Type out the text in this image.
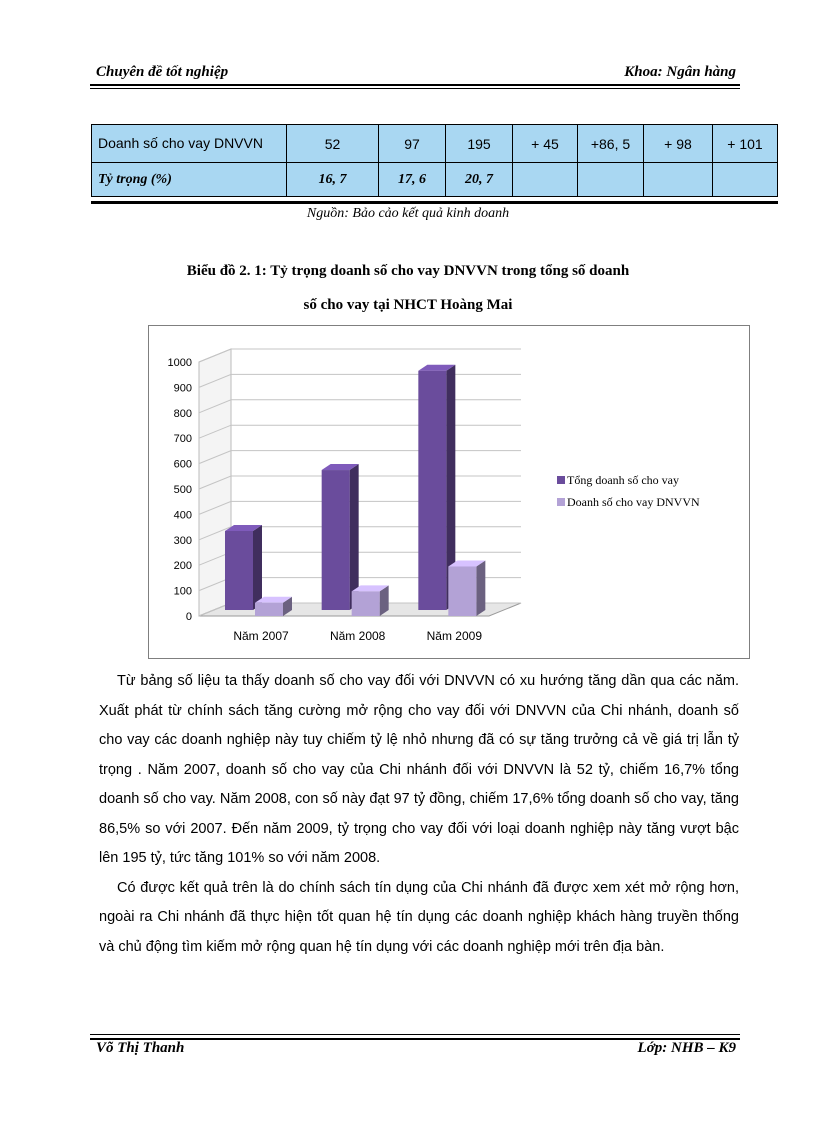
Chuyên đề tốt nghiệp	Khoa: Ngân hàng
Doanh số cho vay DNVVN	52	97	195	+ 45	+86, 5	+ 98	+ 101
Tỷ trọng (%)	16, 7	17, 6	20, 7				
Nguồn: Bảo cảo kết quả kinh doanh
Biểu đồ 2. 1: Tỷ trọng doanh số cho vay DNVVN trong tổng số doanh
số cho vay tại NHCT Hoàng Mai
0
100
200
300
400
500
600
700
800
900
1000
Năm 2007	Năm 2008	Năm 2009
Tổng doanh số cho vay
Doanh số cho vay DNVVN

Từ bảng số liệu ta thấy doanh số cho vay đối với DNVVN có xu hướng tăng dần qua các năm. Xuất phát từ chính sách tăng cường mở rộng cho vay đối với DNVVN của Chi nhánh, doanh số cho vay các doanh nghiệp này tuy chiếm tỷ lệ nhỏ nhưng đã có sự tăng trưởng cả về giá trị lẫn tỷ trọng . Năm 2007, doanh số cho vay của Chi nhánh đối với DNVVN là 52 tỷ, chiếm 16,7% tổng doanh số cho vay. Năm 2008, con số này đạt 97 tỷ đồng, chiếm 17,6% tổng doanh số cho vay, tăng 86,5% so với 2007. Đến năm 2009, tỷ trọng cho vay đối với loại doanh nghiệp này tăng vượt bậc lên 195 tỷ, tức tăng 101% so với năm 2008.

Có được kết quả trên là do chính sách tín dụng của Chi nhánh đã được xem xét mở rộng hơn, ngoài ra Chi nhánh đã thực hiện tốt quan hệ tín dụng các doanh nghiệp khách hàng truyền thống và chủ động tìm kiếm mở rộng quan hệ tín dụng với các doanh nghiệp mới trên địa bàn.

Võ Thị Thanh	Lớp: NHB – K9
